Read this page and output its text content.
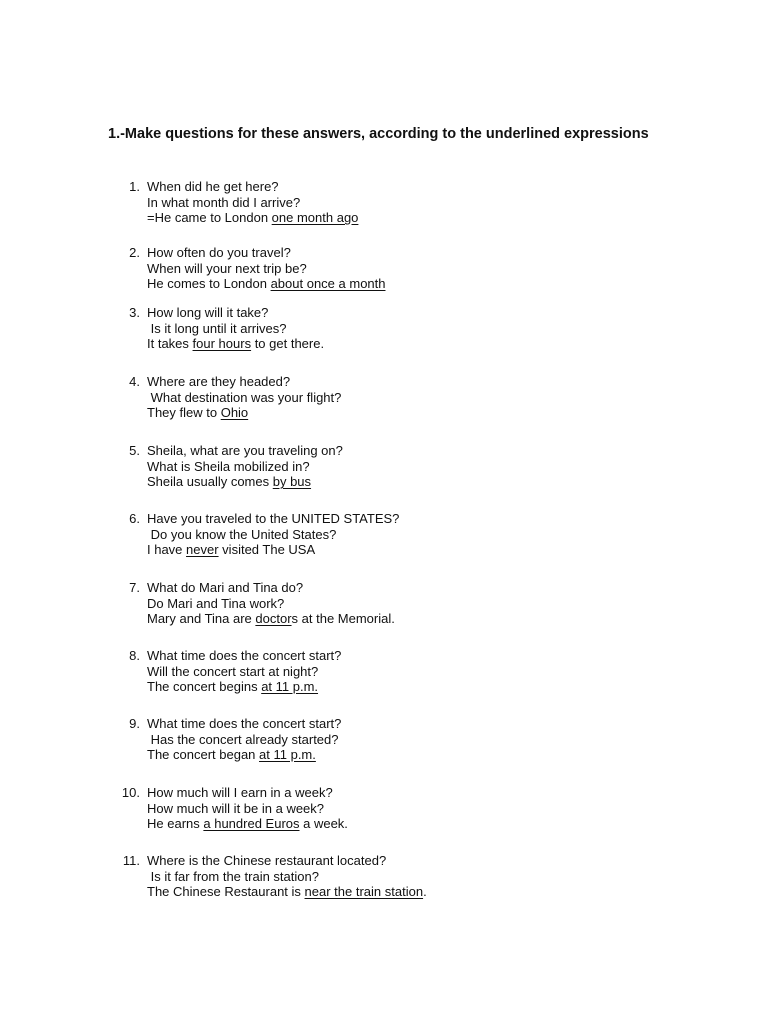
1.-Make questions for these answers, according to the underlined expressions
1. When did he get here?
In what month did I arrive?
=He came to London one month ago
2. How often do you travel?
When will your next trip be?
He comes to London about once a month
3. How long will it take?
Is it long until it arrives?
It takes four hours to get there.
4. Where are they headed?
What destination was your flight?
They flew to Ohio
5. Sheila, what are you traveling on?
What is Sheila mobilized in?
Sheila usually comes by bus
6. Have you traveled to the UNITED STATES?
Do you know the United States?
I have never visited The USA
7. What do Mari and Tina do?
Do Mari and Tina work?
Mary and Tina are doctors at the Memorial.
8. What time does the concert start?
Will the concert start at night?
The concert begins at 11 p.m.
9. What time does the concert start?
Has the concert already started?
The concert began at 11 p.m.
10. How much will I earn in a week?
How much will it be in a week?
He earns a hundred Euros a week.
11. Where is the Chinese restaurant located?
Is it far from the train station?
The Chinese Restaurant is near the train station.
